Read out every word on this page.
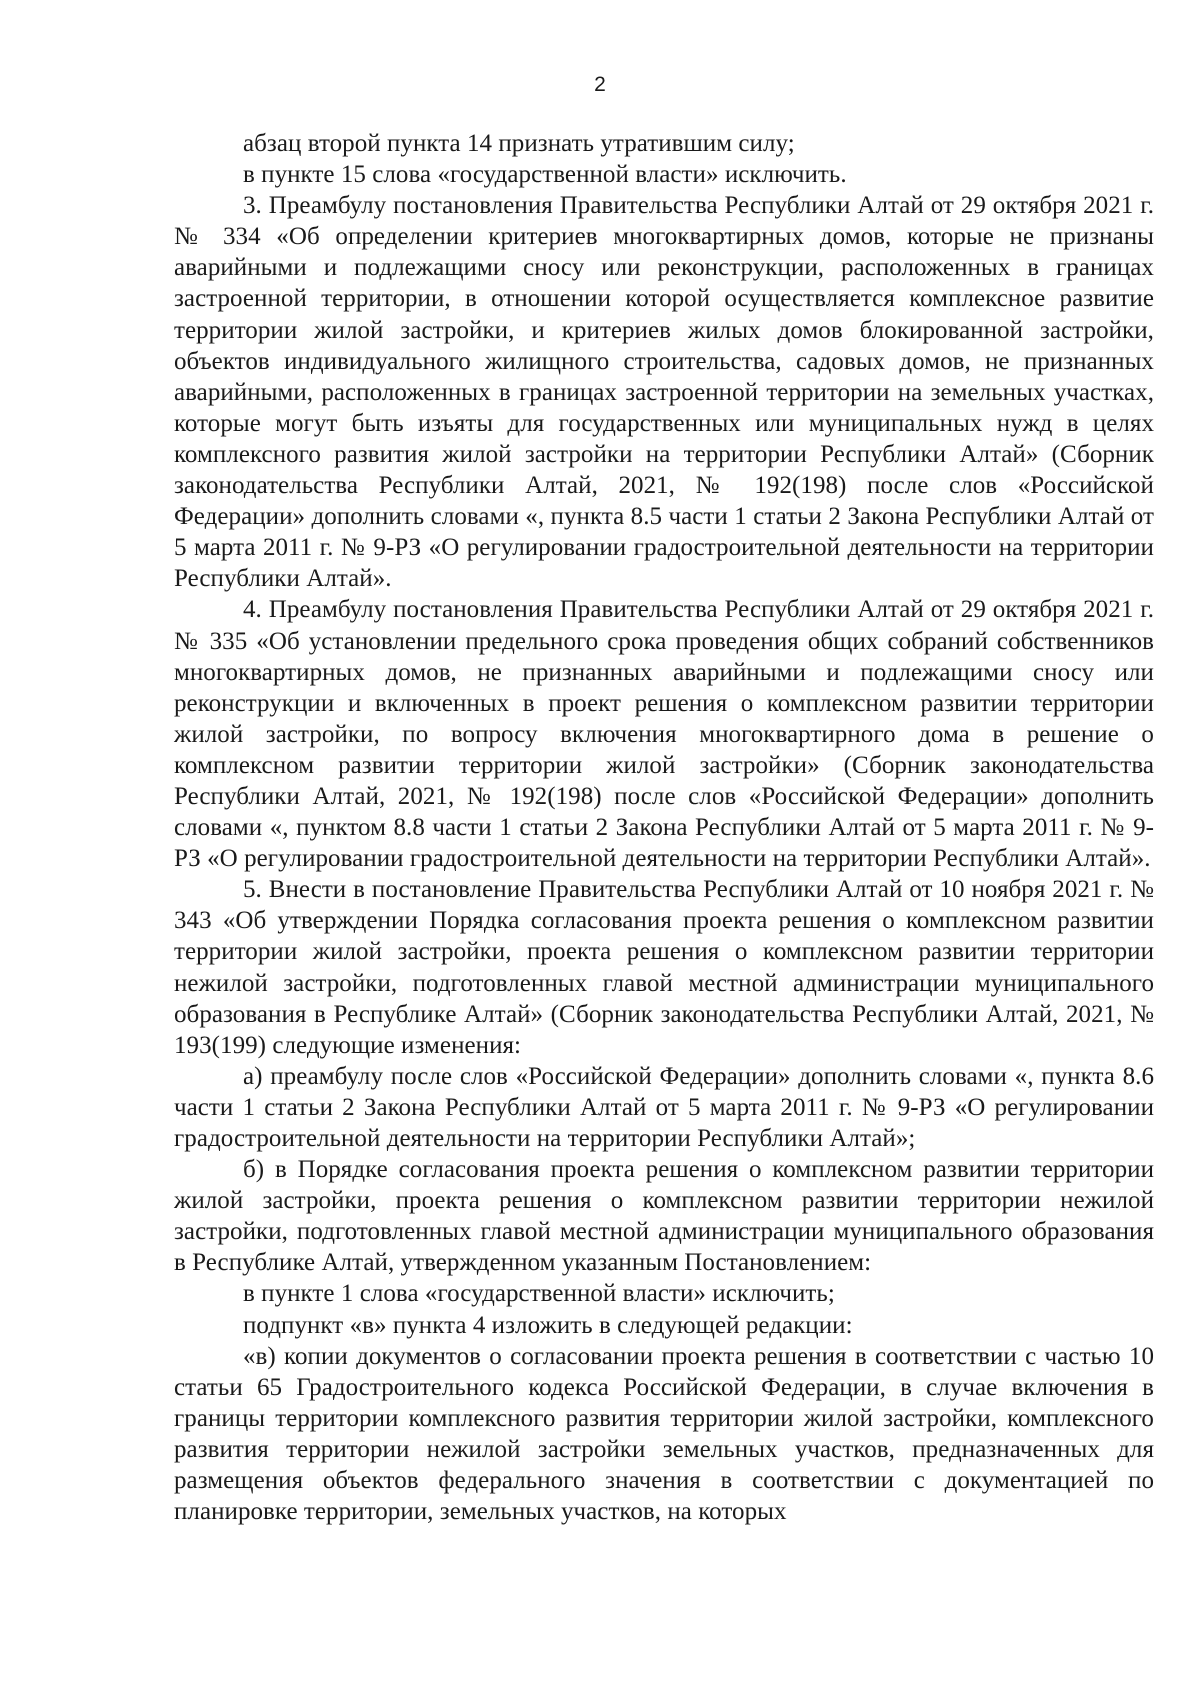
2

абзац второй пункта 14 признать утратившим силу;

в пункте 15 слова «государственной власти» исключить.

3. Преамбулу постановления Правительства Республики Алтай от 29 октября 2021 г. № 334 «Об определении критериев многоквартирных домов, которые не признаны аварийными и подлежащими сносу или реконструкции, расположенных в границах застроенной территории, в отношении которой осуществляется комплексное развитие территории жилой застройки, и критериев жилых домов блокированной застройки, объектов индивидуального жилищного строительства, садовых домов, не признанных аварийными, расположенных в границах застроенной территории на земельных участках, которые могут быть изъяты для государственных или муниципальных нужд в целях комплексного развития жилой застройки на территории Республики Алтай» (Сборник законодательства Республики Алтай, 2021, № 192(198) после слов «Российской Федерации» дополнить словами «, пункта 8.5 части 1 статьи 2 Закона Республики Алтай от 5 марта 2011 г. № 9-РЗ «О регулировании градостроительной деятельности на территории Республики Алтай».

4. Преамбулу постановления Правительства Республики Алтай от 29 октября 2021 г. № 335 «Об установлении предельного срока проведения общих собраний собственников многоквартирных домов, не признанных аварийными и подлежащими сносу или реконструкции и включенных в проект решения о комплексном развитии территории жилой застройки, по вопросу включения многоквартирного дома в решение о комплексном развитии территории жилой застройки» (Сборник законодательства Республики Алтай, 2021, № 192(198) после слов «Российской Федерации» дополнить словами «, пунктом 8.8 части 1 статьи 2 Закона Республики Алтай от 5 марта 2011 г. № 9-РЗ «О регулировании градостроительной деятельности на территории Республики Алтай».

5. Внести в постановление Правительства Республики Алтай от 10 ноября 2021 г. № 343 «Об утверждении Порядка согласования проекта решения о комплексном развитии территории жилой застройки, проекта решения о комплексном развитии территории нежилой застройки, подготовленных главой местной администрации муниципального образования в Республике Алтай» (Сборник законодательства Республики Алтай, 2021, № 193(199) следующие изменения:

а) преамбулу после слов «Российской Федерации» дополнить словами «, пункта 8.6 части 1 статьи 2 Закона Республики Алтай от 5 марта 2011 г. № 9-РЗ «О регулировании градостроительной деятельности на территории Республики Алтай»;

б) в Порядке согласования проекта решения о комплексном развитии территории жилой застройки, проекта решения о комплексном развитии территории нежилой застройки, подготовленных главой местной администрации муниципального образования в Республике Алтай, утвержденном указанным Постановлением:

в пункте 1 слова «государственной власти» исключить;

подпункт «в» пункта 4 изложить в следующей редакции:

«в) копии документов о согласовании проекта решения в соответствии с частью 10 статьи 65 Градостроительного кодекса Российской Федерации, в случае включения в границы территории комплексного развития территории жилой застройки, комплексного развития территории нежилой застройки земельных участков, предназначенных для размещения объектов федерального значения в соответствии с документацией по планировке территории, земельных участков, на которых
